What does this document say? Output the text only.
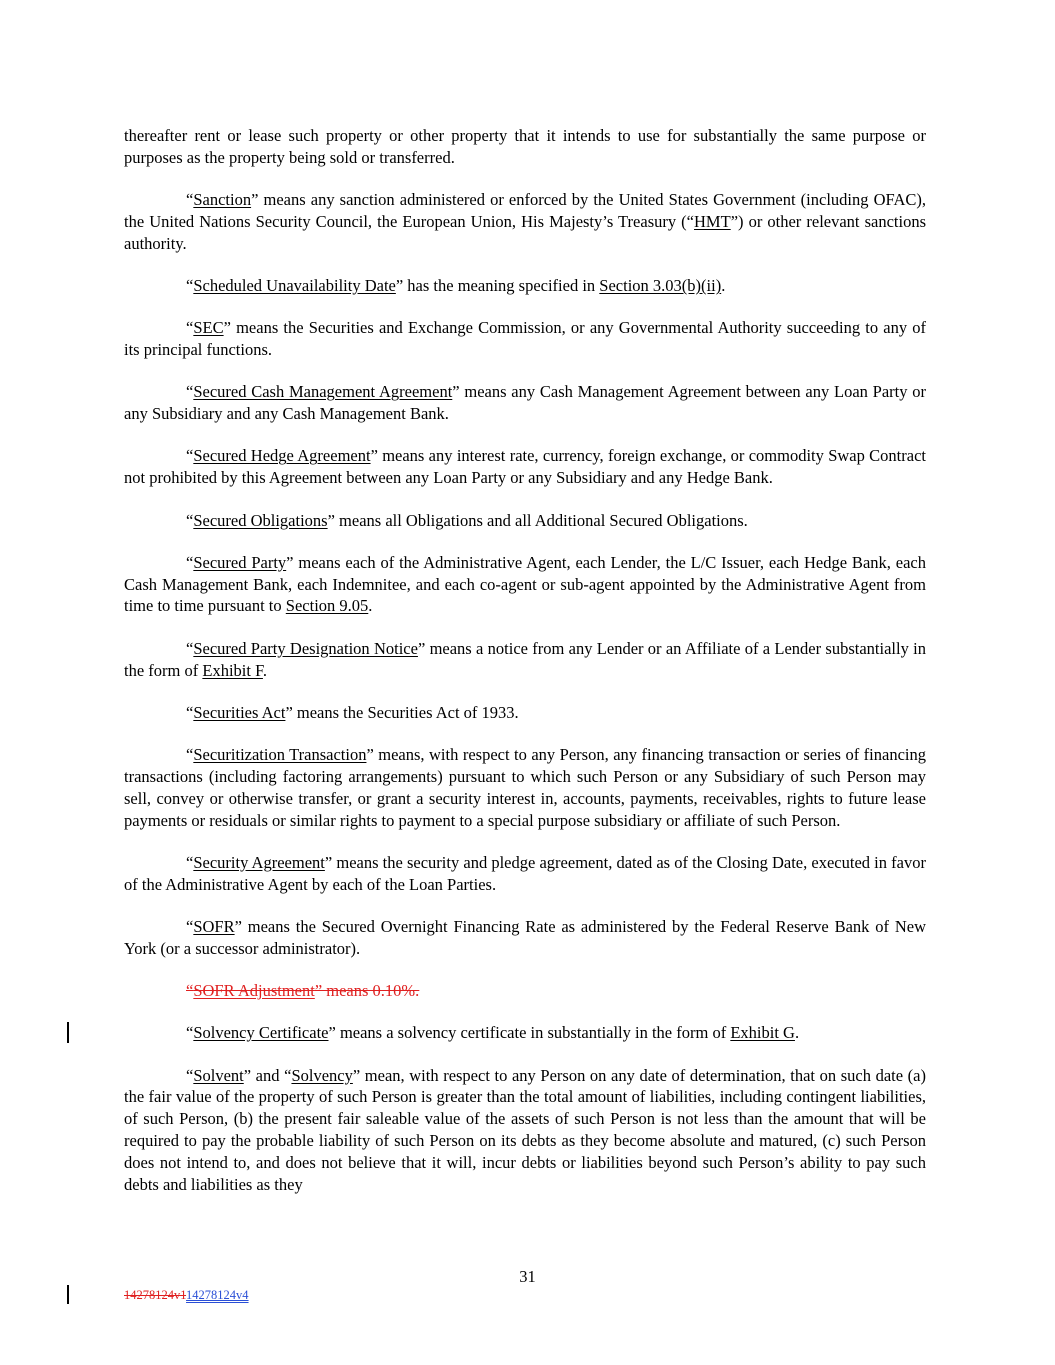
thereafter rent or lease such property or other property that it intends to use for substantially the same purpose or purposes as the property being sold or transferred.

“Sanction” means any sanction administered or enforced by the United States Government (including OFAC), the United Nations Security Council, the European Union, His Majesty’s Treasury (“HMT”) or other relevant sanctions authority.

“Scheduled Unavailability Date” has the meaning specified in Section 3.03(b)(ii).

“SEC” means the Securities and Exchange Commission, or any Governmental Authority succeeding to any of its principal functions.

“Secured Cash Management Agreement” means any Cash Management Agreement between any Loan Party or any Subsidiary and any Cash Management Bank.

“Secured Hedge Agreement” means any interest rate, currency, foreign exchange, or commodity Swap Contract not prohibited by this Agreement between any Loan Party or any Subsidiary and any Hedge Bank.

“Secured Obligations” means all Obligations and all Additional Secured Obligations.

“Secured Party” means each of the Administrative Agent, each Lender, the L/C Issuer, each Hedge Bank, each Cash Management Bank, each Indemnitee, and each co-agent or sub-agent appointed by the Administrative Agent from time to time pursuant to Section 9.05.

“Secured Party Designation Notice” means a notice from any Lender or an Affiliate of a Lender substantially in the form of Exhibit F.

“Securities Act” means the Securities Act of 1933.

“Securitization Transaction” means, with respect to any Person, any financing transaction or series of financing transactions (including factoring arrangements) pursuant to which such Person or any Subsidiary of such Person may sell, convey or otherwise transfer, or grant a security interest in, accounts, payments, receivables, rights to future lease payments or residuals or similar rights to payment to a special purpose subsidiary or affiliate of such Person.

“Security Agreement” means the security and pledge agreement, dated as of the Closing Date, executed in favor of the Administrative Agent by each of the Loan Parties.

“SOFR” means the Secured Overnight Financing Rate as administered by the Federal Reserve Bank of New York (or a successor administrator).

“SOFR Adjustment” means 0.10%.

“Solvency Certificate” means a solvency certificate in substantially in the form of Exhibit G.

“Solvent” and “Solvency” mean, with respect to any Person on any date of determination, that on such date (a) the fair value of the property of such Person is greater than the total amount of liabilities, including contingent liabilities, of such Person, (b) the present fair saleable value of the assets of such Person is not less than the amount that will be required to pay the probable liability of such Person on its debts as they become absolute and matured, (c) such Person does not intend to, and does not believe that it will, incur debts or liabilities beyond such Person’s ability to pay such debts and liabilities as they

31
14278124v114278124v4
